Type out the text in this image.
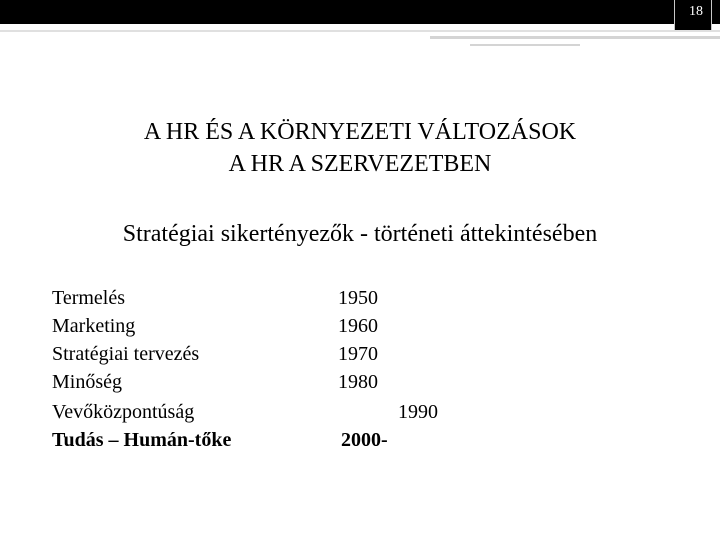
18
A HR ÉS A KÖRNYEZETI VÁLTOZÁSOK
A HR A SZERVEZETBEN
Stratégiai sikertényezők - történeti áttekintésében
Termelés	1950
Marketing	1960
Stratégiai tervezés	1970
Minőség	1980
Vevőközpontúság	1990
Tudás – Humán-tőke	2000-
